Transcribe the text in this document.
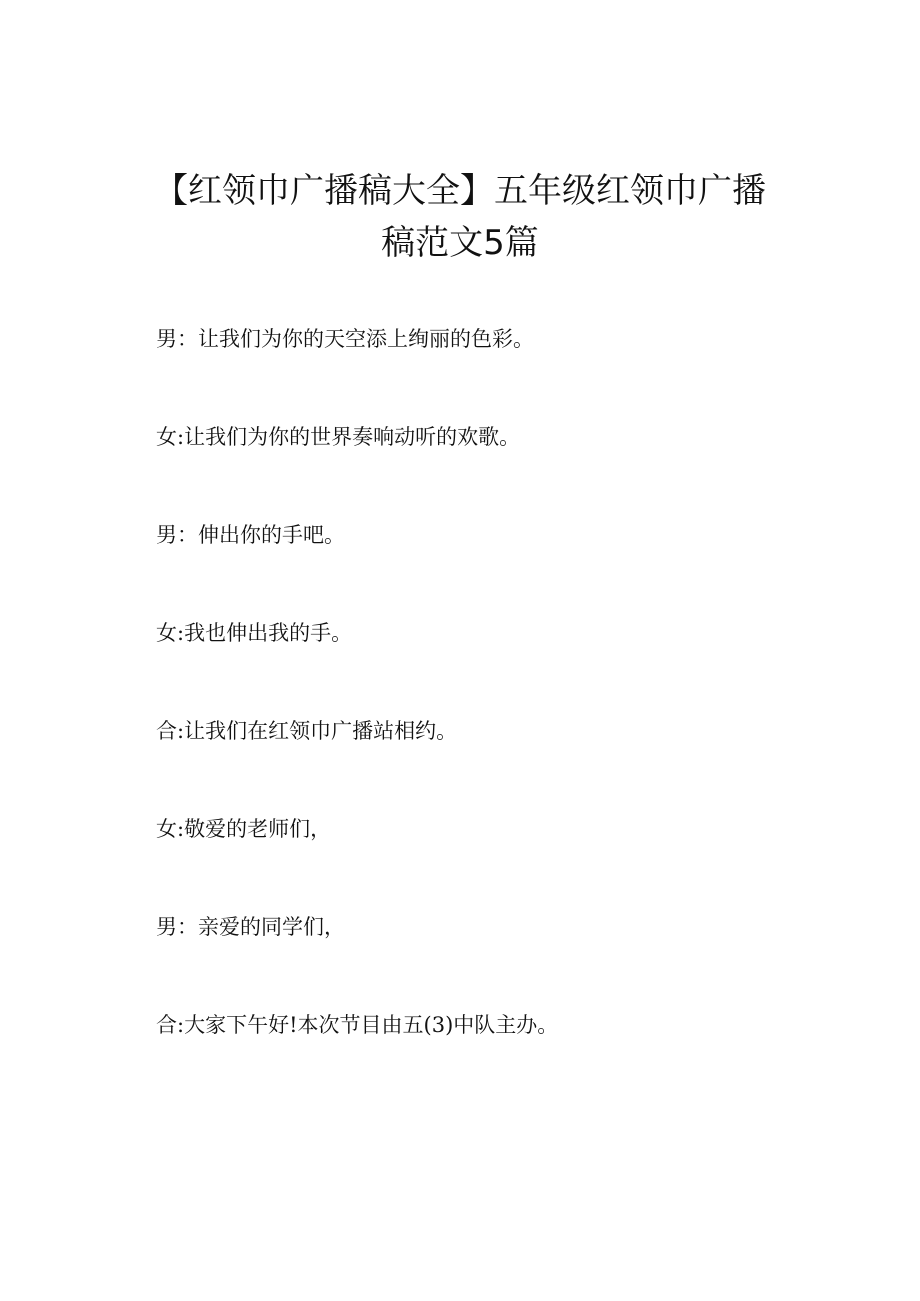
【红领巾广播稿大全】五年级红领巾广播
稿范文5篇
男：让我们为你的天空添上绚丽的色彩。
女:让我们为你的世界奏响动听的欢歌。
男：伸出你的手吧。
女:我也伸出我的手。
合:让我们在红领巾广播站相约。
女:敬爱的老师们，
男：亲爱的同学们，
合:大家下午好!本次节目由五(3)中队主办。
